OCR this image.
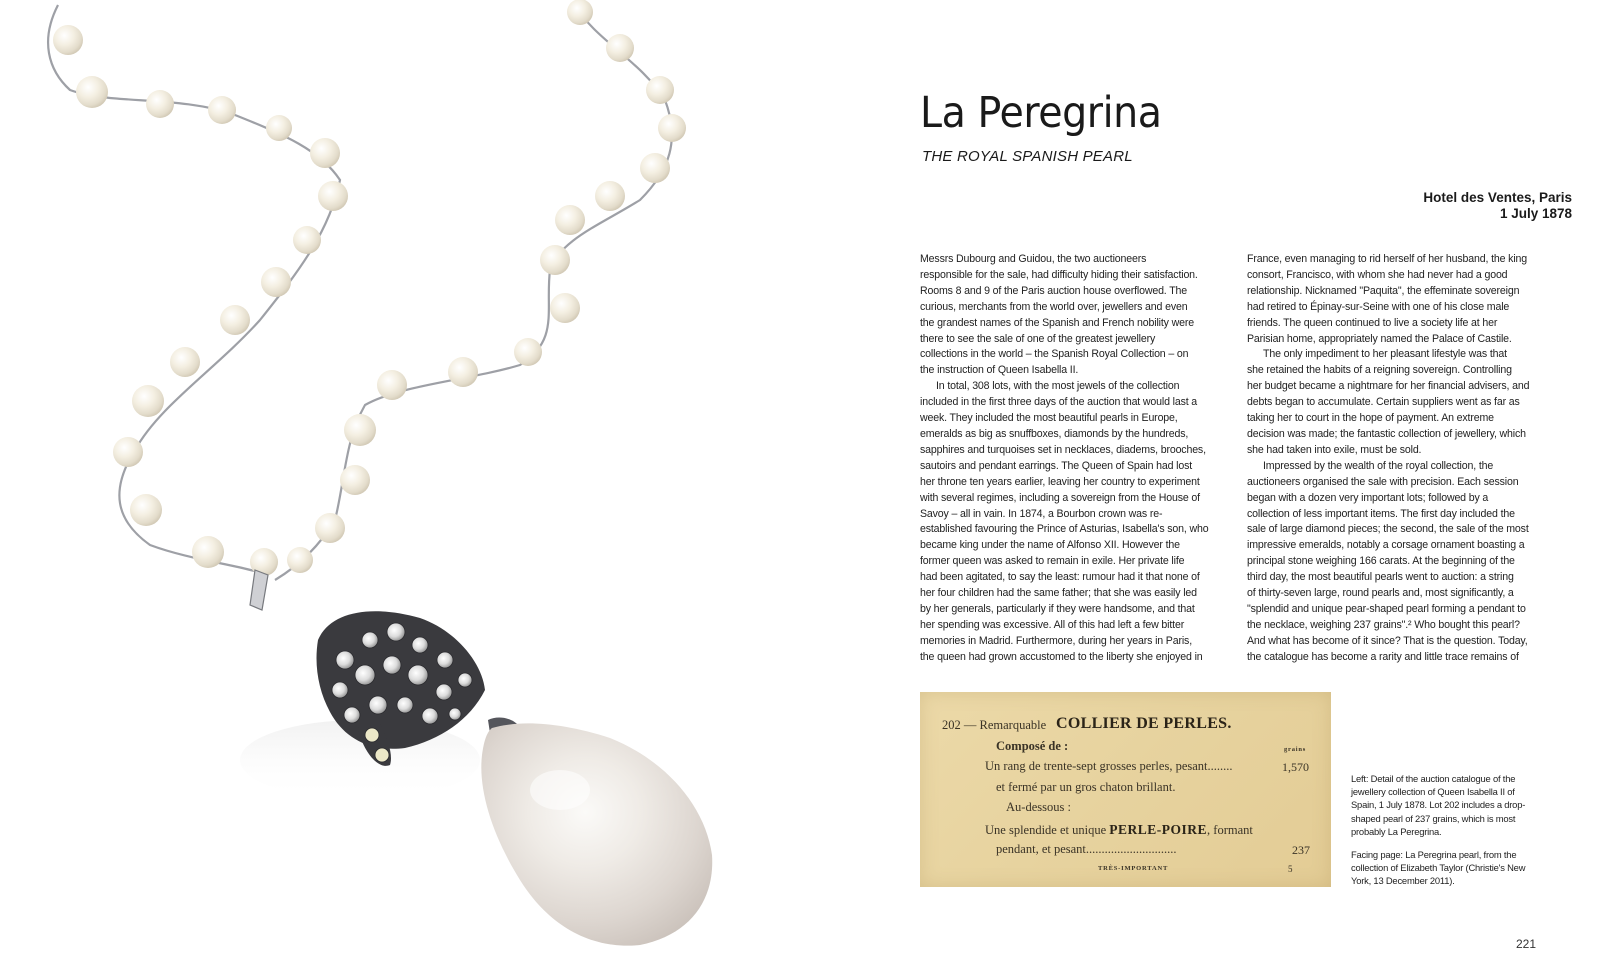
La Peregrina

THE ROYAL SPANISH PEARL

Hotel des Ventes, Paris
1 July 1878
Messrs Dubourg and Guidou, the two auctioneers
responsible for the sale, had difficulty hiding their satisfaction.
Rooms 8 and 9 of the Paris auction house overflowed. The
curious, merchants from the world over, jewellers and even
the grandest names of the Spanish and French nobility were
there to see the sale of one of the greatest jewellery
collections in the world – the Spanish Royal Collection – on
the instruction of Queen Isabella II.
In total, 308 lots, with the most jewels of the collection
included in the first three days of the auction that would last a
week. They included the most beautiful pearls in Europe,
emeralds as big as snuffboxes, diamonds by the hundreds,
sapphires and turquoises set in necklaces, diadems, brooches,
sautoirs and pendant earrings. The Queen of Spain had lost
her throne ten years earlier, leaving her country to experiment
with several regimes, including a sovereign from the House of
Savoy – all in vain. In 1874, a Bourbon crown was re-
established favouring the Prince of Asturias, Isabella's son, who
became king under the name of Alfonso XII. However the
former queen was asked to remain in exile. Her private life
had been agitated, to say the least: rumour had it that none of
her four children had the same father; that she was easily led
by her generals, particularly if they were handsome, and that
her spending was excessive. All of this had left a few bitter
memories in Madrid. Furthermore, during her years in Paris,
the queen had grown accustomed to the liberty she enjoyed in
France, even managing to rid herself of her husband, the king
consort, Francisco, with whom she had never had a good
relationship. Nicknamed "Paquita", the effeminate sovereign
had retired to Épinay-sur-Seine with one of his close male
friends. The queen continued to live a society life at her
Parisian home, appropriately named the Palace of Castile.
The only impediment to her pleasant lifestyle was that
she retained the habits of a reigning sovereign. Controlling
her budget became a nightmare for her financial advisers, and
debts began to accumulate. Certain suppliers went as far as
taking her to court in the hope of payment. An extreme
decision was made; the fantastic collection of jewellery, which
she had taken into exile, must be sold.
Impressed by the wealth of the royal collection, the
auctioneers organised the sale with precision. Each session
began with a dozen very important lots; followed by a
collection of less important items. The first day included the
sale of large diamond pieces; the second, the sale of the most
impressive emeralds, notably a corsage ornament boasting a
principal stone weighing 166 carats. At the beginning of the
third day, the most beautiful pearls went to auction: a string
of thirty-seven large, round pearls and, most significantly, a
"splendid and unique pear-shaped pearl forming a pendant to
the necklace, weighing 237 grains".² Who bought this pearl?
And what has become of it since? That is the question. Today,
the catalogue has become a rarity and little trace remains of
202 — Remarquable COLLIER DE PERLES.
Composé de :	grains
Un rang de trente-sept grosses perles, pesant........	1,570
et fermé par un gros chaton brillant.
Au-dessous :
Une splendide et unique PERLE-POIRE, formant
pendant, et pesant.............................	237
TRÈS-IMPORTANT	5

Left: Detail of the auction catalogue of the
jewellery collection of Queen Isabella II of
Spain, 1 July 1878. Lot 202 includes a drop-
shaped pearl of 237 grains, which is most
probably La Peregrina.

Facing page: La Peregrina pearl, from the
collection of Elizabeth Taylor (Christie's New
York, 13 December 2011).

221
